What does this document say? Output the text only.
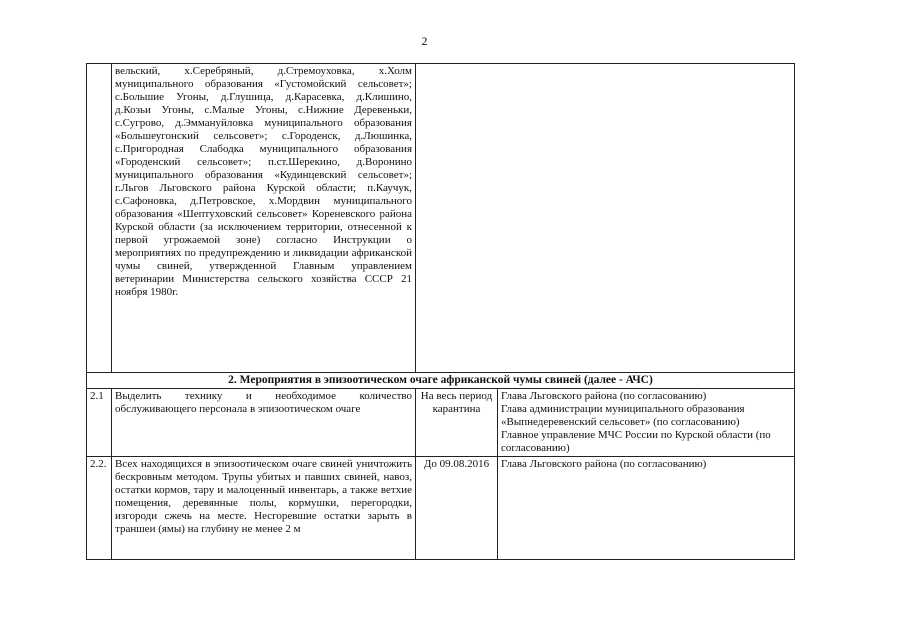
2
	вельский, х.Серебряный, д.Стремоуховка, х.Холм муниципального образования «Густомойский сельсовет»; с.Большие Угоны, д.Глушица, д.Карасевка, д.Клишино, д.Козьи Угоны, с.Малые Угоны, с.Нижние Деревеньки, с.Сугрово, д.Эммануйловка муниципального образования «Большеугонский сельсовет»; с.Городенск, д.Люшинка, с.Пригородная Слабодка муниципального образования «Городенский сельсовет»; п.ст.Шерекино, д.Воронино муниципального образования «Кудинцевский сельсовет»; г.Льгов Льговского района Курской области; п.Каучук, с.Сафоновка, д.Петровское, х.Мордвин муниципального образования «Шептуховский сельсовет» Кореневского района Курской области (за исключением территории, отнесенной к первой угрожаемой зоне) согласно Инструкции о мероприятиях по предупреждению и ликвидации африканской чумы свиней, утвержденной Главным управлением ветеринарии Министерства сельского хозяйства СССР 21 ноября 1980г.		
2. Мероприятия в эпизоотическом очаге африканской чумы свиней (далее - АЧС)			
2.1	Выделить технику и необходимое количество обслуживающего персонала в эпизоотическом очаге	На весь период карантина	Глава Льговского района (по согласованию)
Глава администрации муниципального образования «Выпнедеревенский сельсовет» (по согласованию)
Главное управление МЧС России по Курской области (по согласованию)

2.2.	Всех находящихся в эпизоотическом очаге свиней уничтожить бескровным методом. Трупы убитых и павших свиней, навоз, остатки кормов, тару и малоценный инвентарь, а также ветхие помещения, деревянные полы, кормушки, перегородки, изгороди сжечь на месте. Несгоревшие остатки зарыть в траншеи (ямы) на глубину не менее 2 м	До 09.08.2016	Глава Льговского района (по согласованию)
